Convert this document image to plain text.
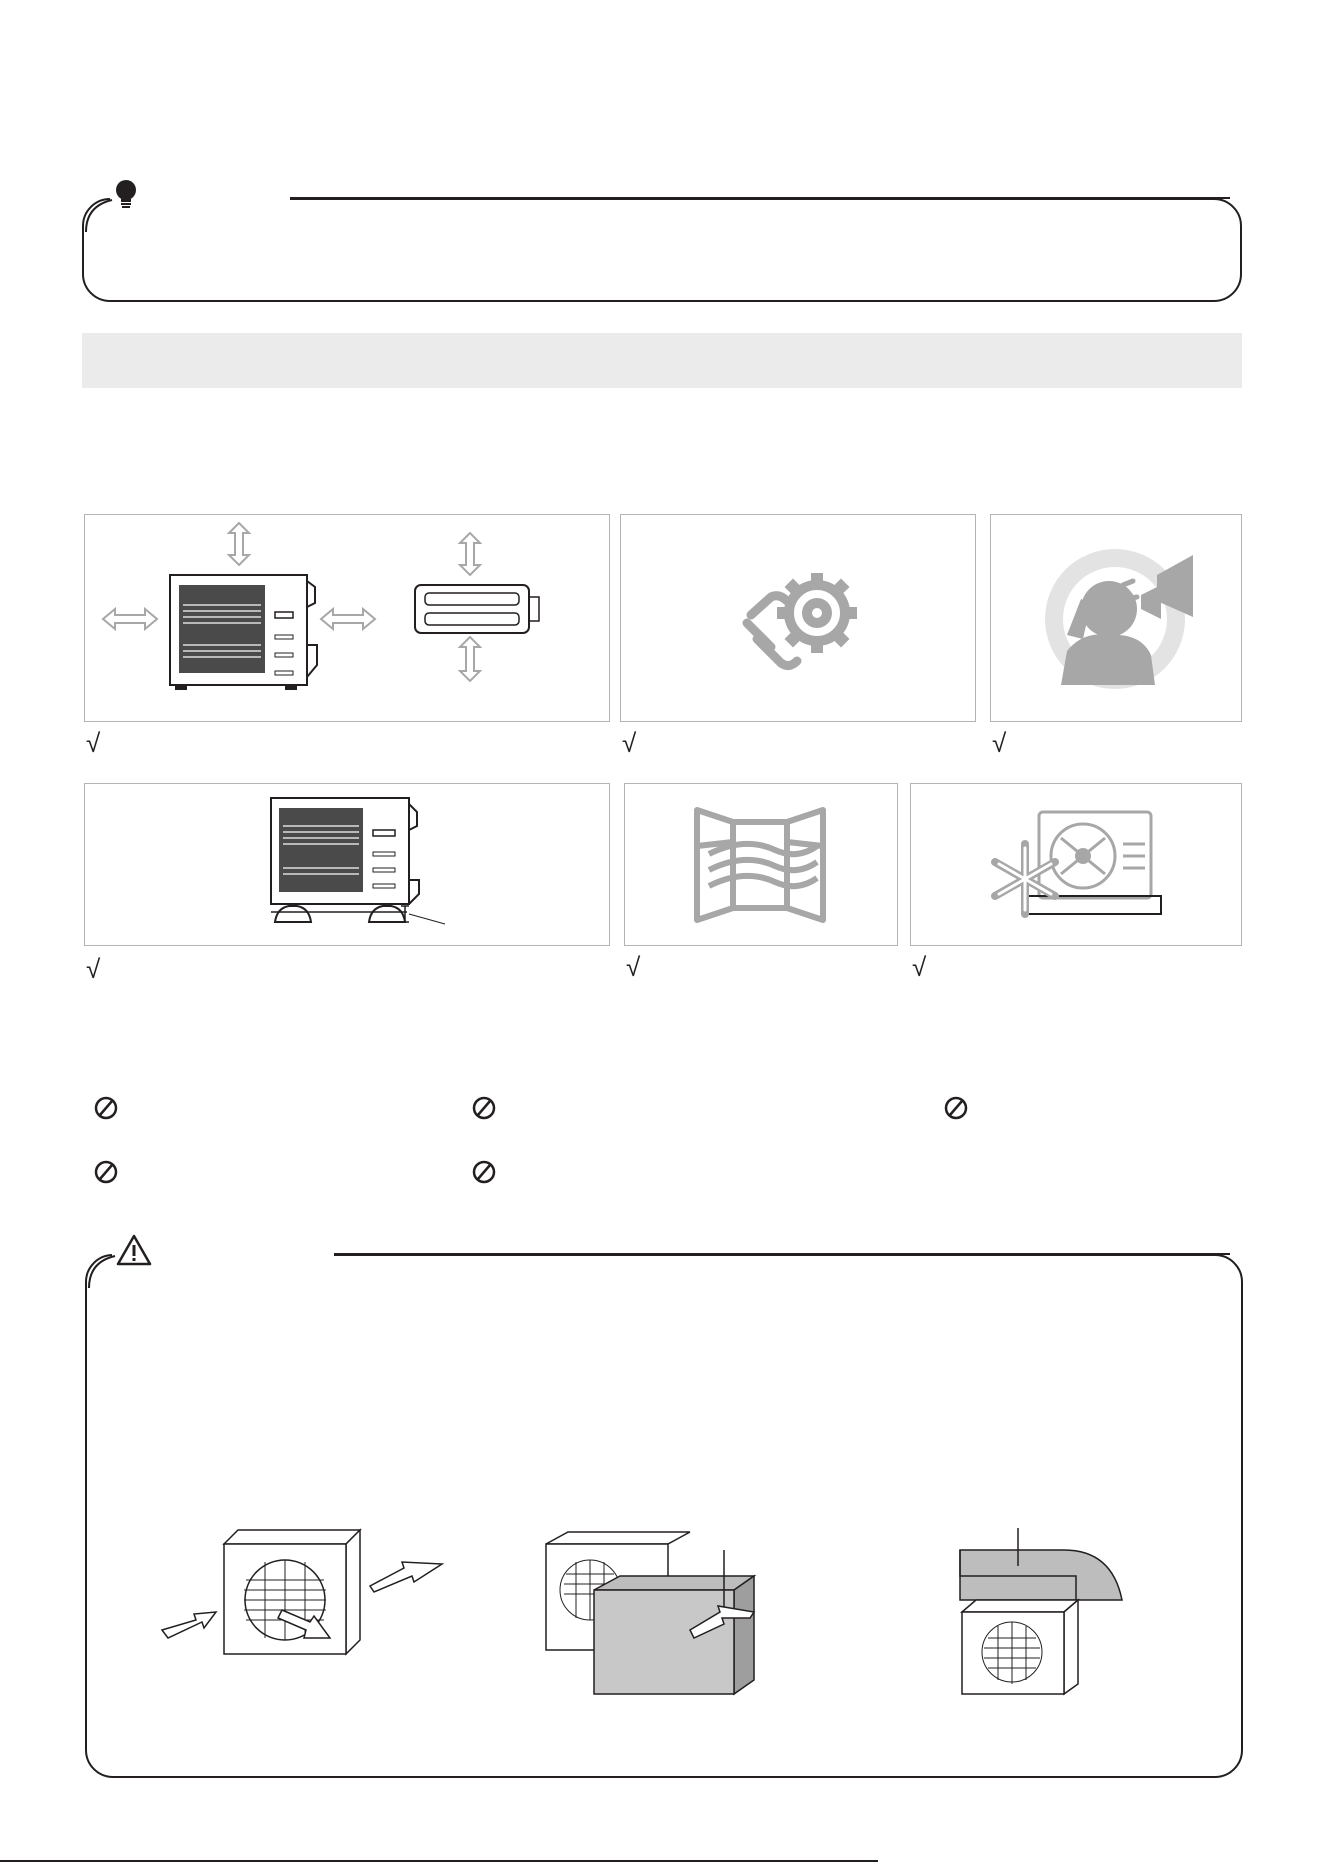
√	√	√
√	√	√
